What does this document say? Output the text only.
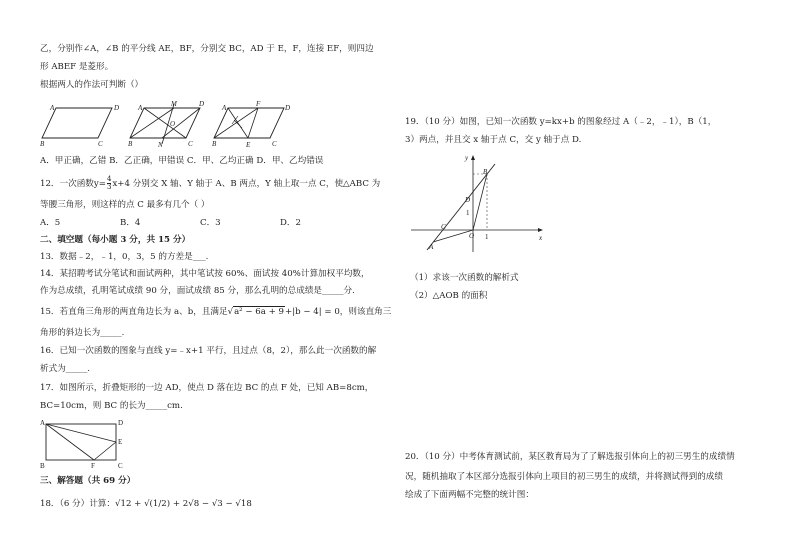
乙，分别作∠A，∠B 的平分线 AE，BF，分别交 BC，AD 于 E，F，连接 EF，则四边
形 ABEF 是菱形。
根据两人的作法可判断（）
A	D
B	C
A	M	D
O
B	N	C
A	F	D
B	E	C
A．甲正确，乙错 B．乙正确，甲错误 C．甲、乙均正确 D．甲、乙均错误
12．一次函数$y= \frac{4}{3} x+4$ 分别交 X 轴、Y 轴于 A、B 两点，Y 轴上取一点 C，使△ABC 为
等腰三角形，则这样的点 C 最多有几个（ ）
A．5	B．4	C．3	D．2
二、填空题（每小题 3 分，共 15 分）
13．数据﹣2，﹣1，0，3，5 的方差是___.
14．某招聘考试分笔试和面试两种，其中笔试按 60%、面试按 40%计算加权平均数，
作为总成绩，孔明笔试成绩 90 分，面试成绩 85 分，那么孔明的总成绩是_____分.
15．若直角三角形的两直角边长为 a、b，且满足√a² − 6a + 9+|b − 4| = 0，则该直角三
角形的斜边长为_____.
16．已知一次函数的图象与直线 y=﹣x+1 平行，且过点（8，2），那么此一次函数的解
析式为_____.
17．如图所示，折叠矩形的一边 AD，使点 D 落在边 BC 的点 F 处，已知 AB=8cm，
BC=10cm，则 BC 的长为_____cm.
A	D
E
B	F	C
三、解答题（共 69 分）
18．（6 分）计算：√12 + √(1/2) + 2√8 − √3 − √18
19．（10 分）如图，已知一次函数 y=kx+b 的图象经过 A（﹣2，﹣1），B（1，
3）两点，并且交 x 轴于点 C，交 y 轴于点 D.
y
x
O 1
1
A
B
C
D
（1）求该一次函数的解析式
（2）△AOB 的面积
20．（10 分）中考体育测试前，某区教育局为了了解选报引体向上的初三男生的成绩情
况，随机抽取了本区部分选报引体向上项目的初三男生的成绩，并将测试得到的成绩
绘成了下面两幅不完整的统计图：
